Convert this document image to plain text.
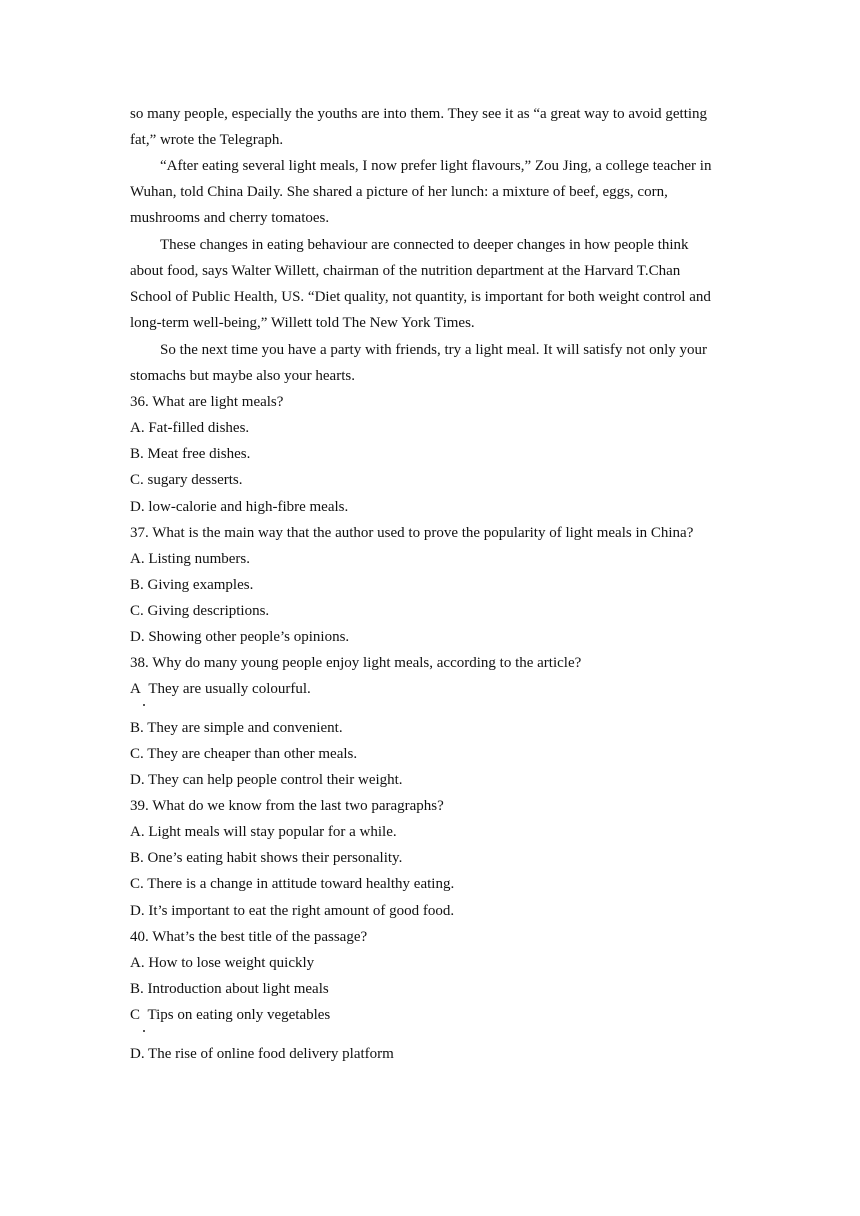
so many people, especially the youths are into them. They see it as “a great way to avoid getting
fat,” wrote the Telegraph.
“After eating several light meals, I now prefer light flavours,” Zou Jing, a college teacher in
Wuhan, told China Daily. She shared a picture of her lunch: a mixture of beef, eggs, corn,
mushrooms and cherry tomatoes.
These changes in eating behaviour are connected to deeper changes in how people think
about food, says Walter Willett, chairman of the nutrition department at the Harvard T.Chan
School of Public Health, US. “Diet quality, not quantity, is important for both weight control and
long-term well-being,” Willett told The New York Times.
So the next time you have a party with friends, try a light meal. It will satisfy not only your
stomachs but maybe also your hearts.
36. What are light meals?
A. Fat-filled dishes.
B. Meat free dishes.
C. sugary desserts.
D. low-calorie and high-fibre meals.
37. What is the main way that the author used to prove the popularity of light meals in China?
A. Listing numbers.
B. Giving examples.
C. Giving descriptions.
D. Showing other people’s opinions.
38. Why do many young people enjoy light meals, according to the article?
A They are usually colourful.
B. They are simple and convenient.
C. They are cheaper than other meals.
D. They can help people control their weight.
39. What do we know from the last two paragraphs?
A. Light meals will stay popular for a while.
B. One’s eating habit shows their personality.
C. There is a change in attitude toward healthy eating.
D. It’s important to eat the right amount of good food.
40. What’s the best title of the passage?
A. How to lose weight quickly
B. Introduction about light meals
C Tips on eating only vegetables
D. The rise of online food delivery platform
